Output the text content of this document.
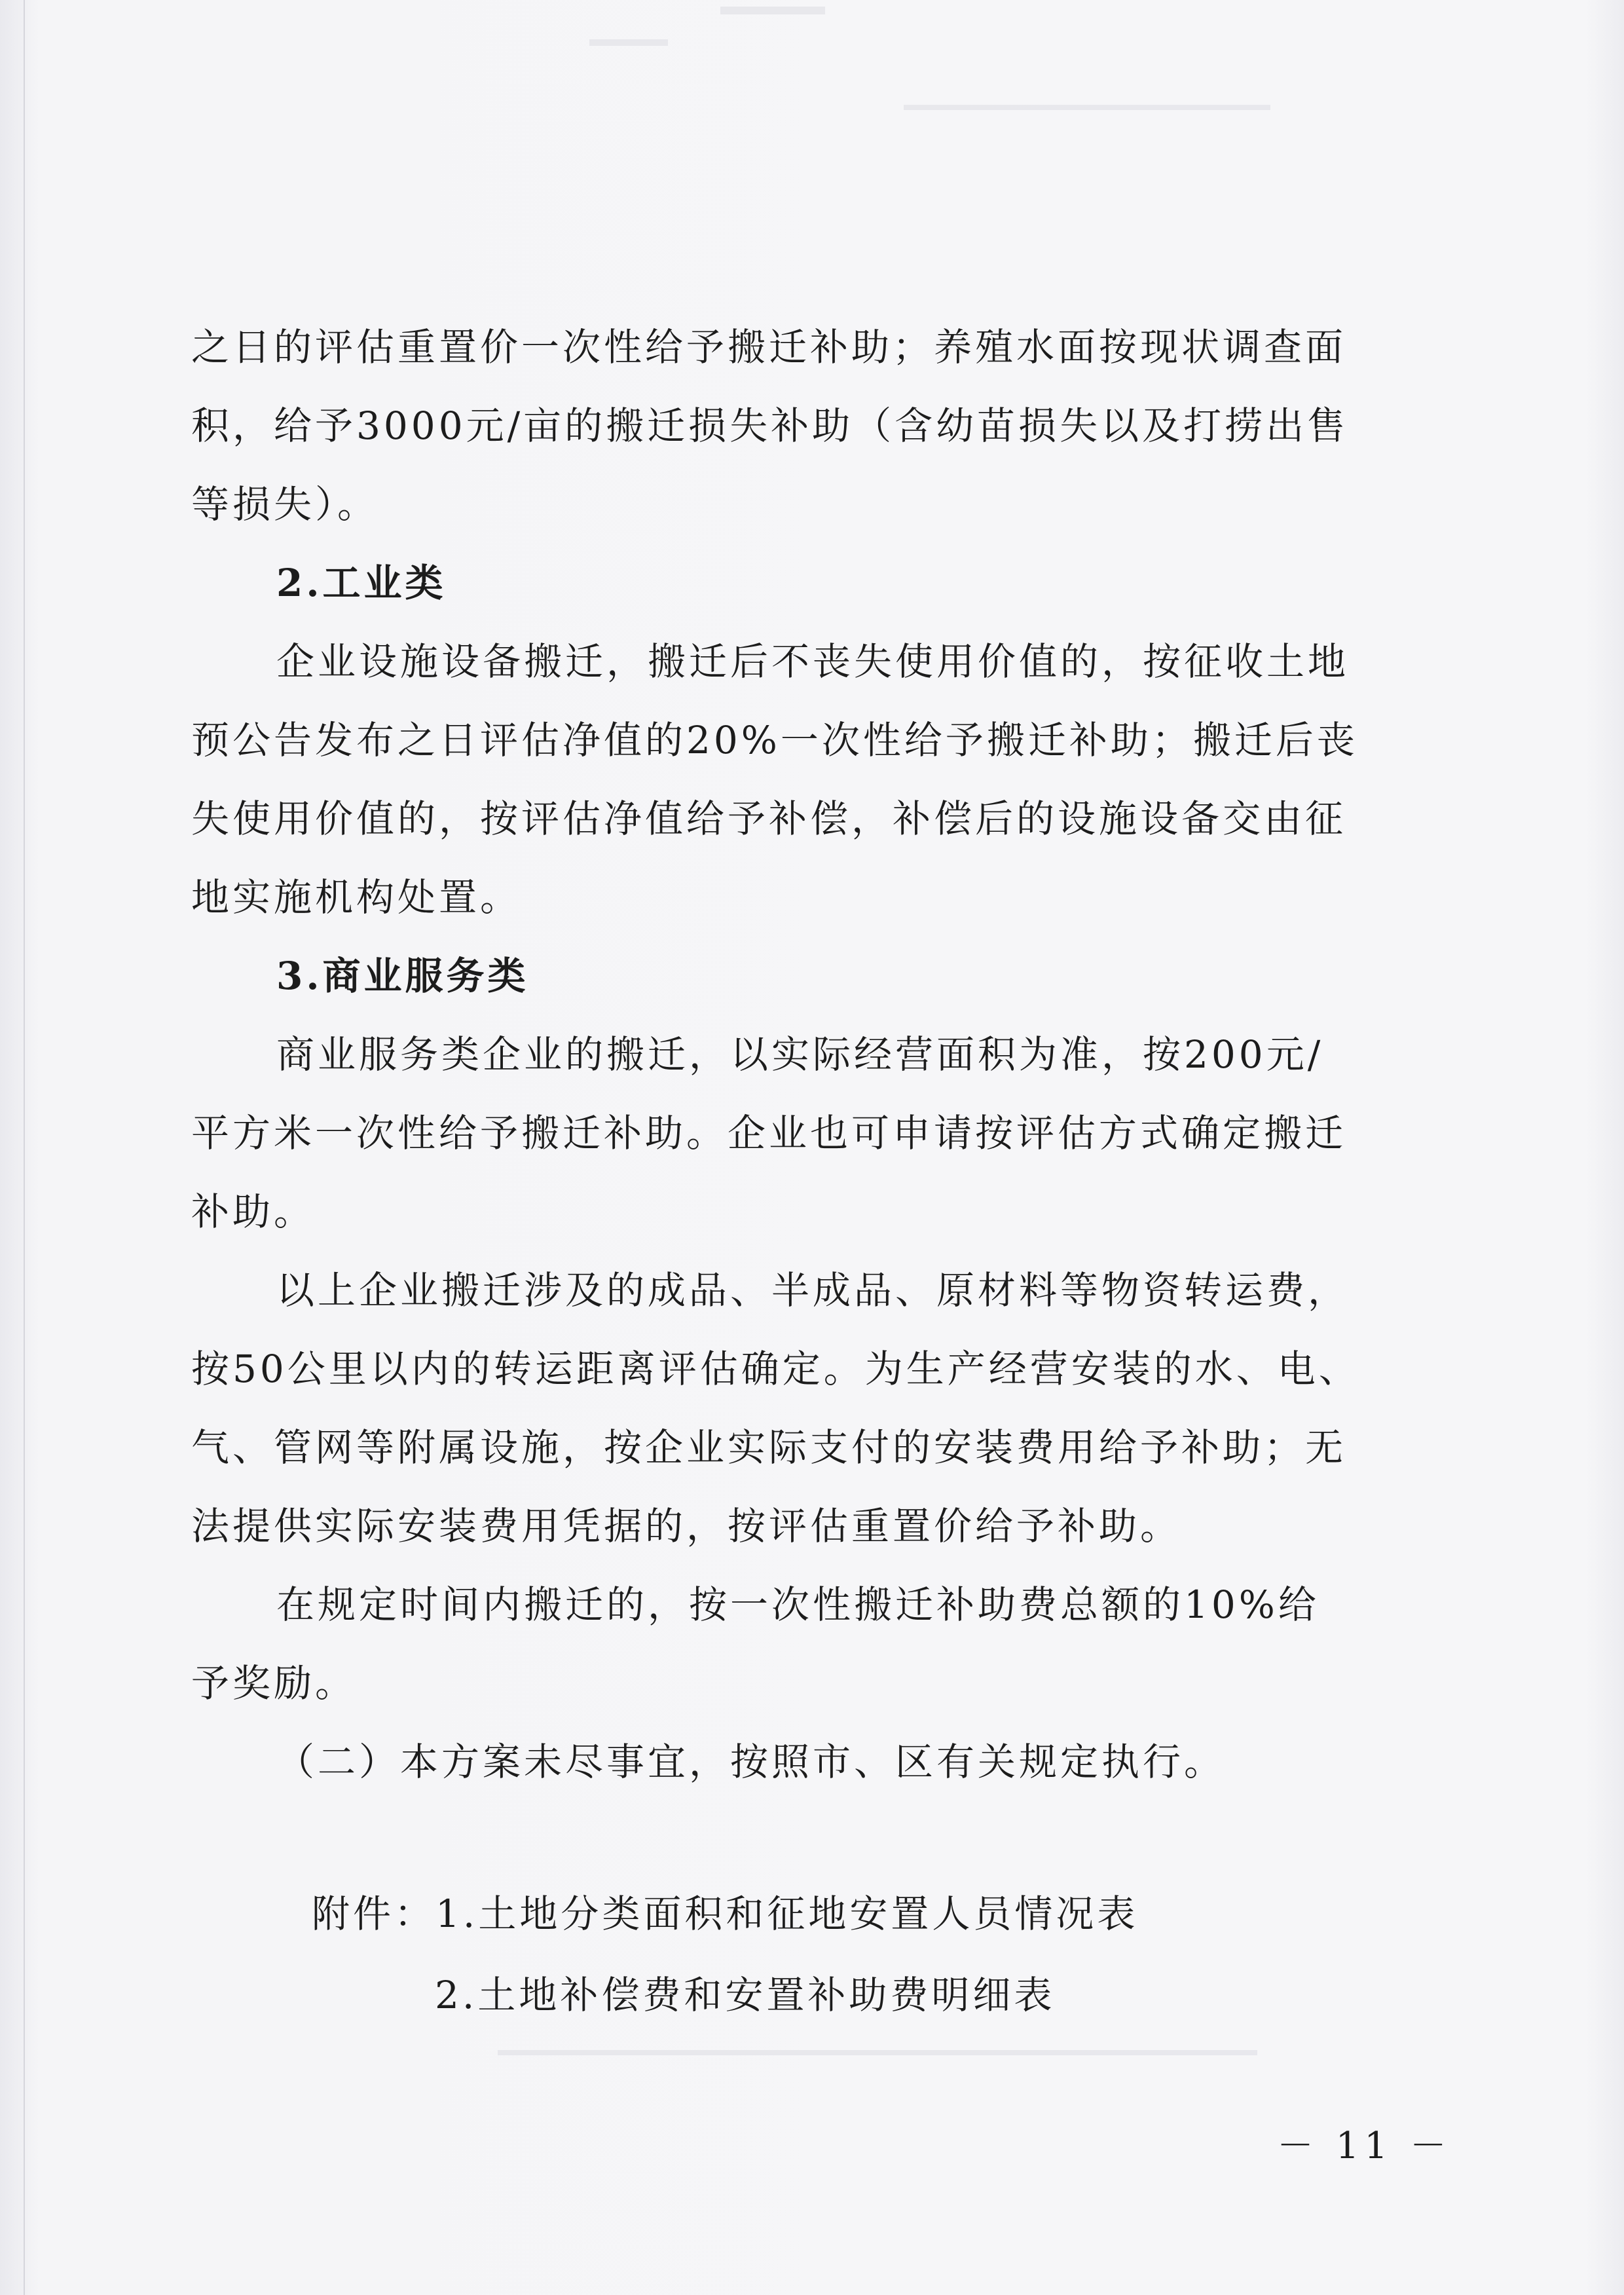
之日的评估重置价一次性给予搬迁补助；养殖水面按现状调查面
积，给予3000元/亩的搬迁损失补助（含幼苗损失以及打捞出售
等损失）。
2.工业类
企业设施设备搬迁，搬迁后不丧失使用价值的，按征收土地
预公告发布之日评估净值的20%一次性给予搬迁补助；搬迁后丧
失使用价值的，按评估净值给予补偿，补偿后的设施设备交由征
地实施机构处置。
3.商业服务类
商业服务类企业的搬迁，以实际经营面积为准，按200元/
平方米一次性给予搬迁补助。企业也可申请按评估方式确定搬迁
补助。
以上企业搬迁涉及的成品、半成品、原材料等物资转运费，
按50公里以内的转运距离评估确定。为生产经营安装的水、电、
气、管网等附属设施，按企业实际支付的安装费用给予补助；无
法提供实际安装费用凭据的，按评估重置价给予补助。
在规定时间内搬迁的，按一次性搬迁补助费总额的10%给
予奖励。
（二）本方案未尽事宜，按照市、区有关规定执行。
附件：1.土地分类面积和征地安置人员情况表
2.土地补偿费和安置补助费明细表
－ 11 －
